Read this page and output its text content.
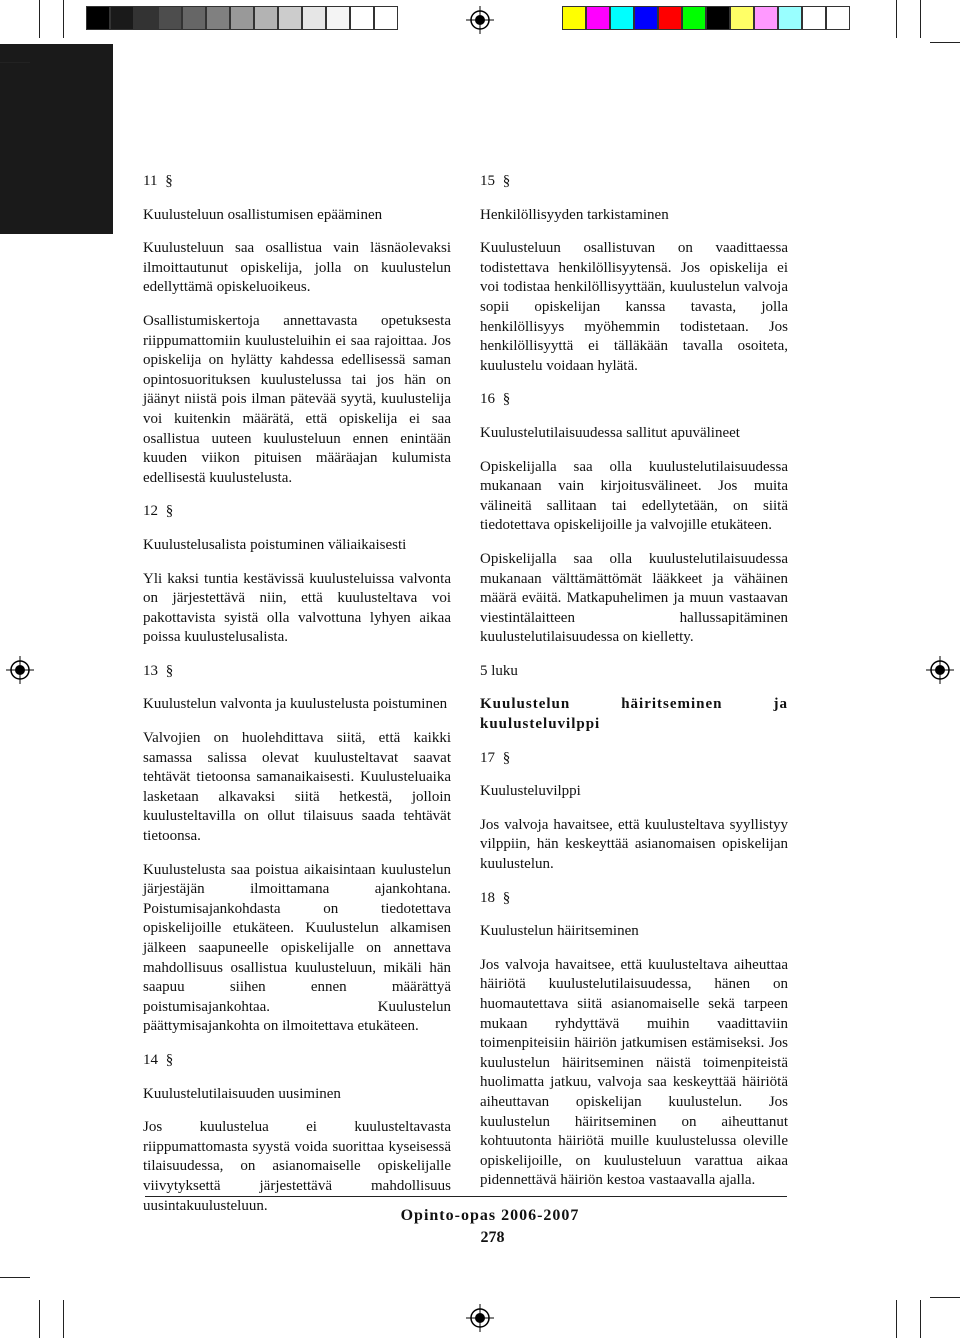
11 §

Kuulusteluun osallistumisen epääminen

Kuulusteluun saa osallistua vain läsnäolevaksi ilmoittautunut opiskelija, jolla on kuulustelun edellyttämä opiskeluoikeus.

Osallistumiskertoja annettavasta opetuksesta riippumattomiin kuulusteluihin ei saa rajoittaa. Jos opiskelija on hylätty kahdessa edellisessä saman opintosuorituksen kuulustelussa tai jos hän on jäänyt niistä pois ilman pätevää syytä, kuulustelija voi kuitenkin määrätä, että opiskelija ei saa osallistua uuteen kuulusteluun ennen enintään kuuden viikon pituisen määräajan kulumista edellisestä kuulustelusta.

12 §

Kuulustelusalista poistuminen väliaikaisesti

Yli kaksi tuntia kestävissä kuulusteluissa valvonta on järjestettävä niin, että kuulusteltava voi pakottavista syistä olla valvottuna lyhyen aikaa poissa kuulustelusalista.

13 §

Kuulustelun valvonta ja kuulustelusta poistuminen

Valvojien on huolehdittava siitä, että kaikki samassa salissa olevat kuulusteltavat saavat tehtävät tietoonsa samanaikaisesti. Kuulusteluaika lasketaan alkavaksi siitä hetkestä, jolloin kuulusteltavilla on ollut tilaisuus saada tehtävät tietoonsa.

Kuulustelusta saa poistua aikaisintaan kuulustelun järjestäjän ilmoittamana ajankohtana. Poistumisajankohdasta on tiedotettava opiskelijoille etukäteen. Kuulustelun alkamisen jälkeen saapuneelle opiskelijalle on annettava mahdollisuus osallistua kuulusteluun, mikäli hän saapuu siihen ennen määrättyä poistumisajankohtaa. Kuulustelun päättymisajankohta on ilmoitettava etukäteen.

14 §

Kuulustelutilaisuuden uusiminen

Jos kuulustelua ei kuulusteltavasta riippumattomasta syystä voida suorittaa kyseisessä tilaisuudessa, on asianomaiselle opiskelijalle viivytyksettä järjestettävä mahdollisuus uusintakuulusteluun.

15 §

Henkilöllisyyden tarkistaminen

Kuulusteluun osallistuvan on vaadittaessa todistettava henkilöllisyytensä. Jos opiskelija ei voi todistaa henkilöllisyyttään, kuulustelun valvoja sopii opiskelijan kanssa tavasta, jolla henkilöllisyys myöhemmin todistetaan. Jos henkilöllisyyttä ei tälläkään tavalla osoiteta, kuulustelu voidaan hylätä.

16 §

Kuulustelutilaisuudessa sallitut apuvälineet

Opiskelijalla saa olla kuulustelutilaisuudessa mukanaan vain kirjoitusvälineet. Jos muita välineitä sallitaan tai edellytetään, on siitä tiedotettava opiskelijoille ja valvojille etukäteen.

Opiskelijalla saa olla kuulustelutilaisuudessa mukanaan välttämättömät lääkkeet ja vähäinen määrä eväitä. Matkapuhelimen ja muun vastaavan viestintälaitteen hallussapitäminen kuulustelutilaisuudessa on kielletty.

5 luku

Kuulustelun häiritseminen ja kuulusteluvilppi

17 §

Kuulusteluvilppi

Jos valvoja havaitsee, että kuulusteltava syyllistyy vilppiin, hän keskeyttää asianomaisen opiskelijan kuulustelun.

18 §

Kuulustelun häiritseminen

Jos valvoja havaitsee, että kuulusteltava aiheuttaa häiriötä kuulustelutilaisuudessa, hänen on huomautettava siitä asianomaiselle sekä tarpeen mukaan ryhdyttävä muihin vaadittaviin toimenpiteisiin häiriön jatkumisen estämiseksi. Jos kuulustelun häiritseminen näistä toimenpiteistä huolimatta jatkuu, valvoja saa keskeyttää häiriötä aiheuttavan opiskelijan kuulustelun. Jos kuulustelun häiritseminen on aiheuttanut kohtuutonta häiriötä muille kuulustelussa oleville opiskelijoille, on kuulusteluun varattua aikaa pidennettävä häiriön kestoa vastaavalla ajalla.

Opinto-opas 2006-2007
278
